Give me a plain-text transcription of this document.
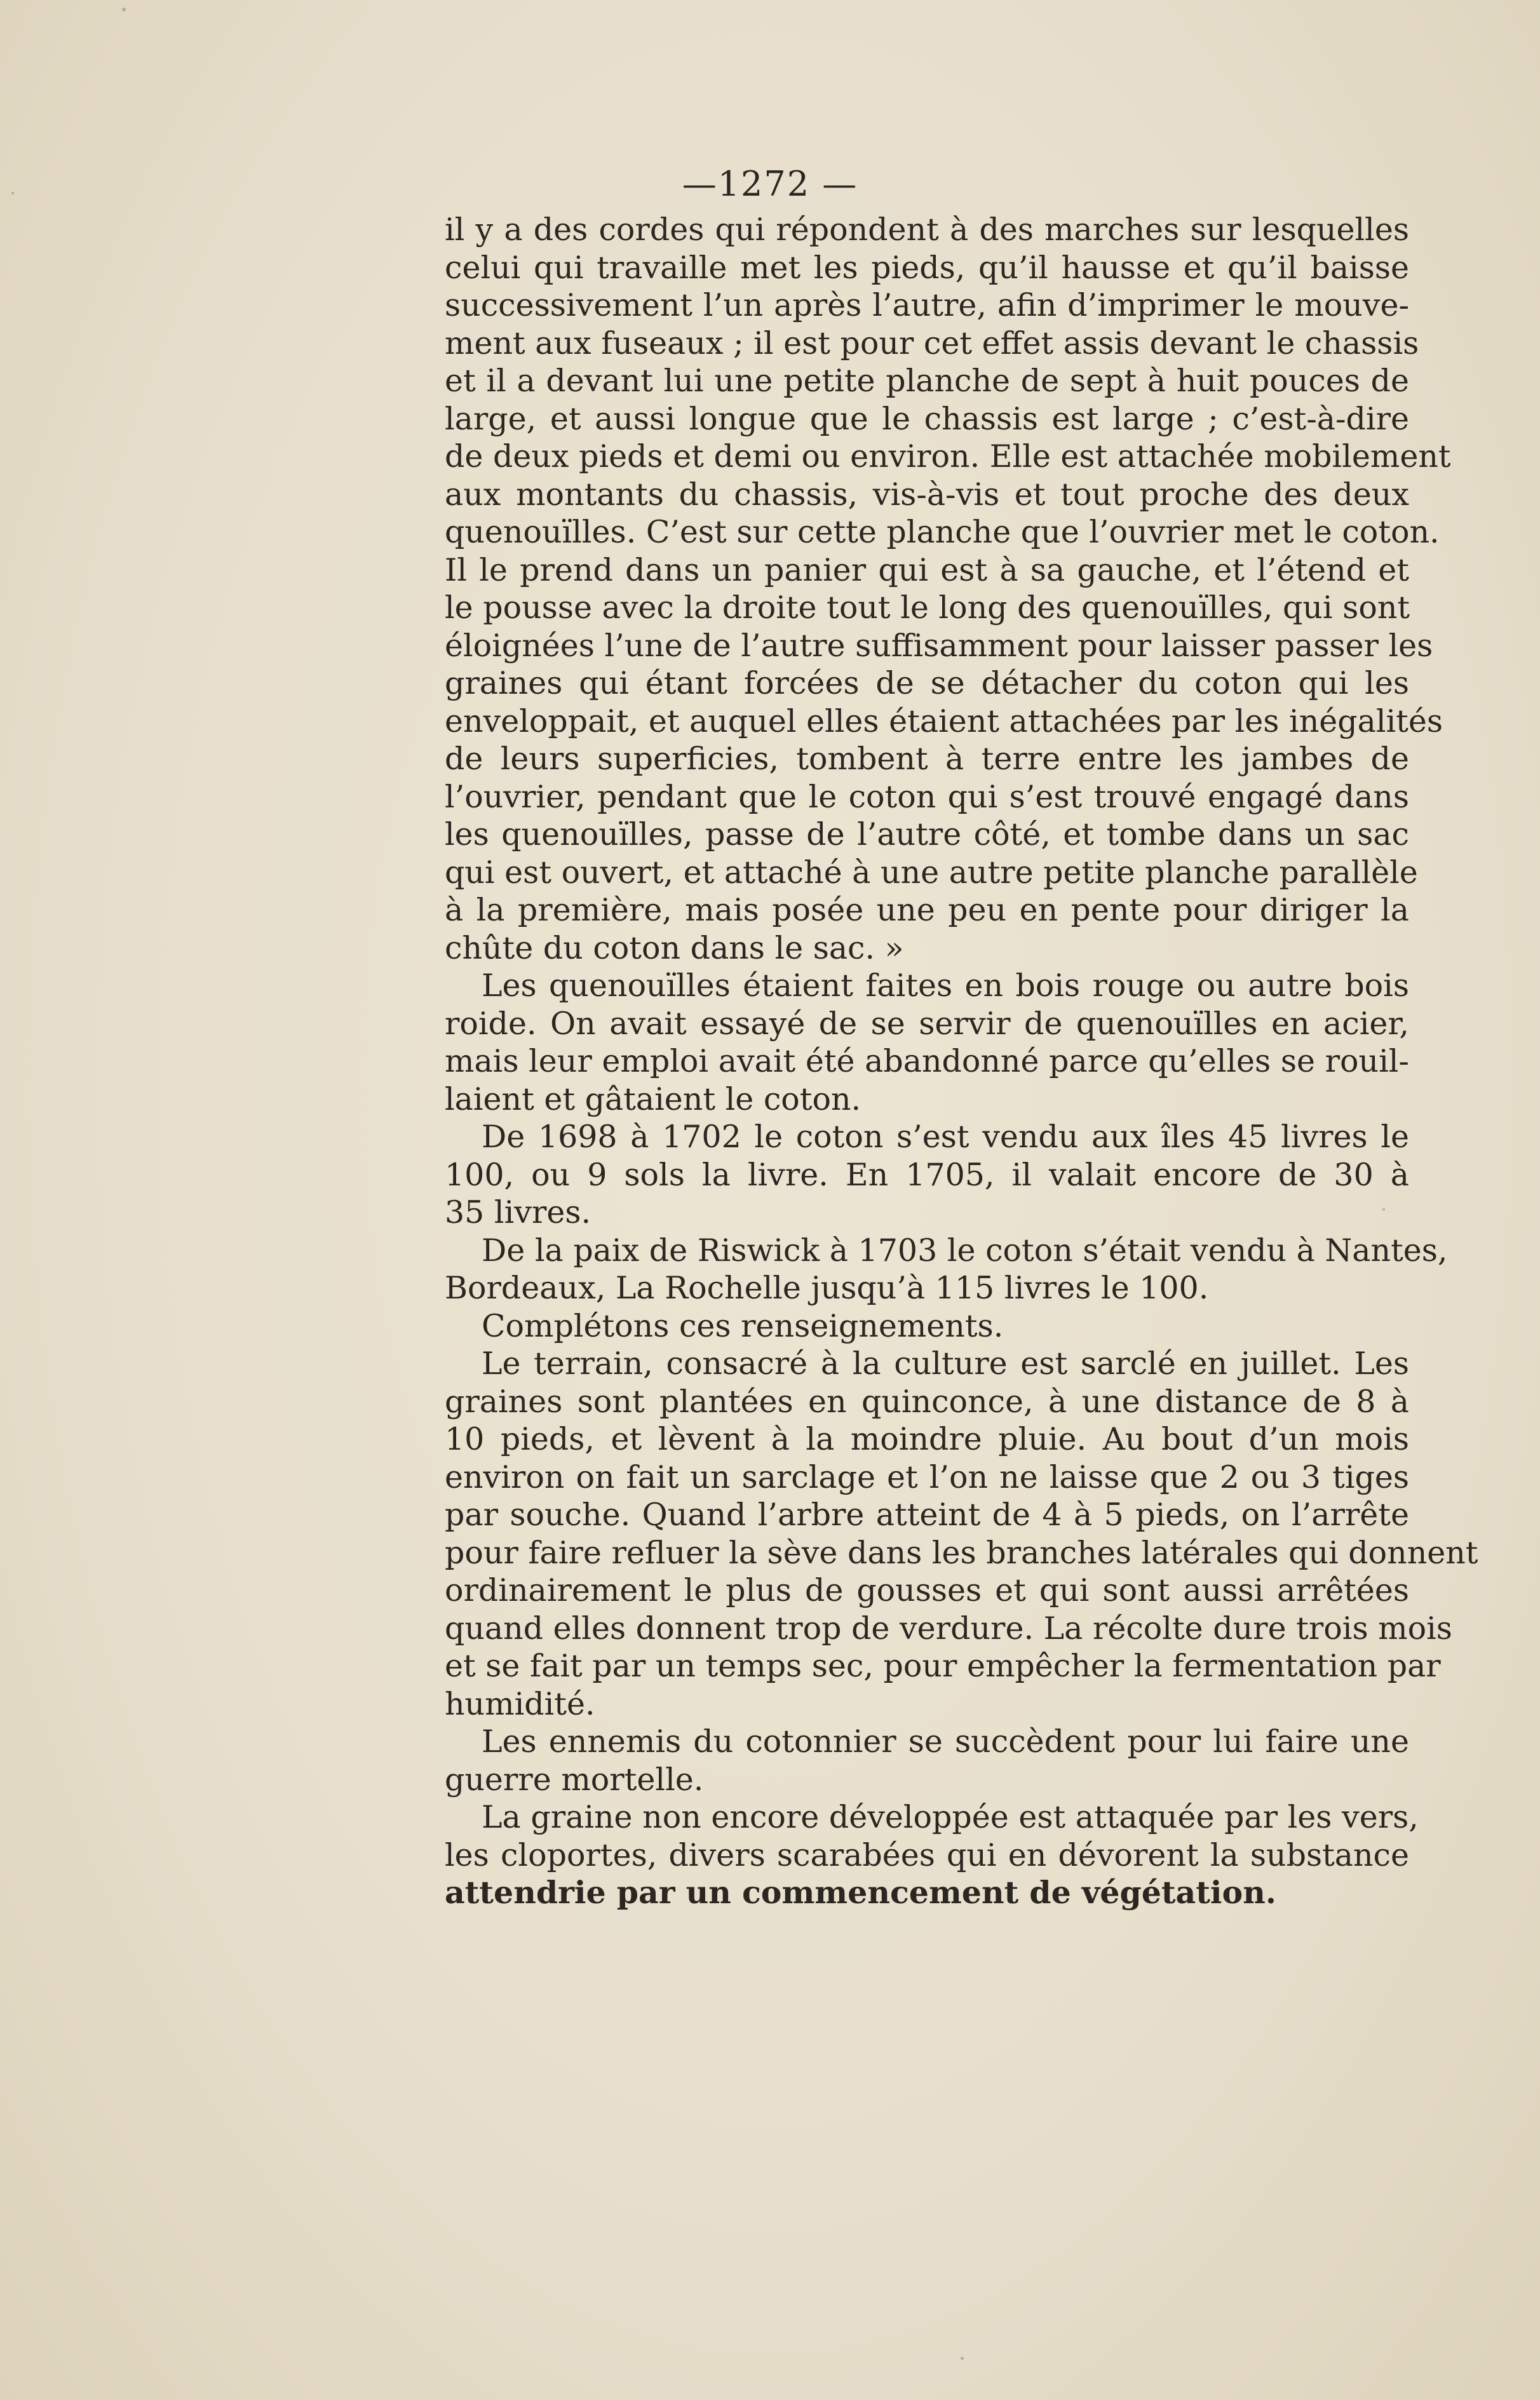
—1272 —
il y a des cordes qui répondent à des marches sur lesquelles
celui qui travaille met les pieds, qu’il hausse et qu’il baisse
successivement l’un après l’autre, afin d’imprimer le mouve-
ment aux fuseaux ; il est pour cet effet assis devant le chassis
et il a devant lui une petite planche de sept à huit pouces de
large, et aussi longue que le chassis est large ; c’est-à-dire
de deux pieds et demi ou environ. Elle est attachée mobilement
aux montants du chassis, vis-à-vis et tout proche des deux
quenouïlles. C’est sur cette planche que l’ouvrier met le coton.
Il le prend dans un panier qui est à sa gauche, et l’étend et
le pousse avec la droite tout le long des quenouïlles, qui sont
éloignées l’une de l’autre suffisamment pour laisser passer les
graines qui étant forcées de se détacher du coton qui les
enveloppait, et auquel elles étaient attachées par les inégalités
de leurs superficies, tombent à terre entre les jambes de
l’ouvrier, pendant que le coton qui s’est trouvé engagé dans
les quenouïlles, passe de l’autre côté, et tombe dans un sac
qui est ouvert, et attaché à une autre petite planche parallèle
à la première, mais posée une peu en pente pour diriger la
chûte du coton dans le sac. »
Les quenouïlles étaient faites en bois rouge ou autre bois
roide. On avait essayé de se servir de quenouïlles en acier,
mais leur emploi avait été abandonné parce qu’elles se rouil-
laient et gâtaient le coton.
De 1698 à 1702 le coton s’est vendu aux îles 45 livres le
100, ou 9 sols la livre. En 1705, il valait encore de 30 à
35 livres.
De la paix de Riswick à 1703 le coton s’était vendu à Nantes,
Bordeaux, La Rochelle jusqu’à 115 livres le 100.
Complétons ces renseignements.
Le terrain, consacré à la culture est sarclé en juillet. Les
graines sont plantées en quinconce, à une distance de 8 à
10 pieds, et lèvent à la moindre pluie. Au bout d’un mois
environ on fait un sarclage et l’on ne laisse que 2 ou 3 tiges
par souche. Quand l’arbre atteint de 4 à 5 pieds, on l’arrête
pour faire refluer la sève dans les branches latérales qui donnent
ordinairement le plus de gousses et qui sont aussi arrêtées
quand elles donnent trop de verdure. La récolte dure trois mois
et se fait par un temps sec, pour empêcher la fermentation par
humidité.
Les ennemis du cotonnier se succèdent pour lui faire une
guerre mortelle.
La graine non encore développée est attaquée par les vers,
les cloportes, divers scarabées qui en dévorent la substance
attendrie par un commencement de végétation.
